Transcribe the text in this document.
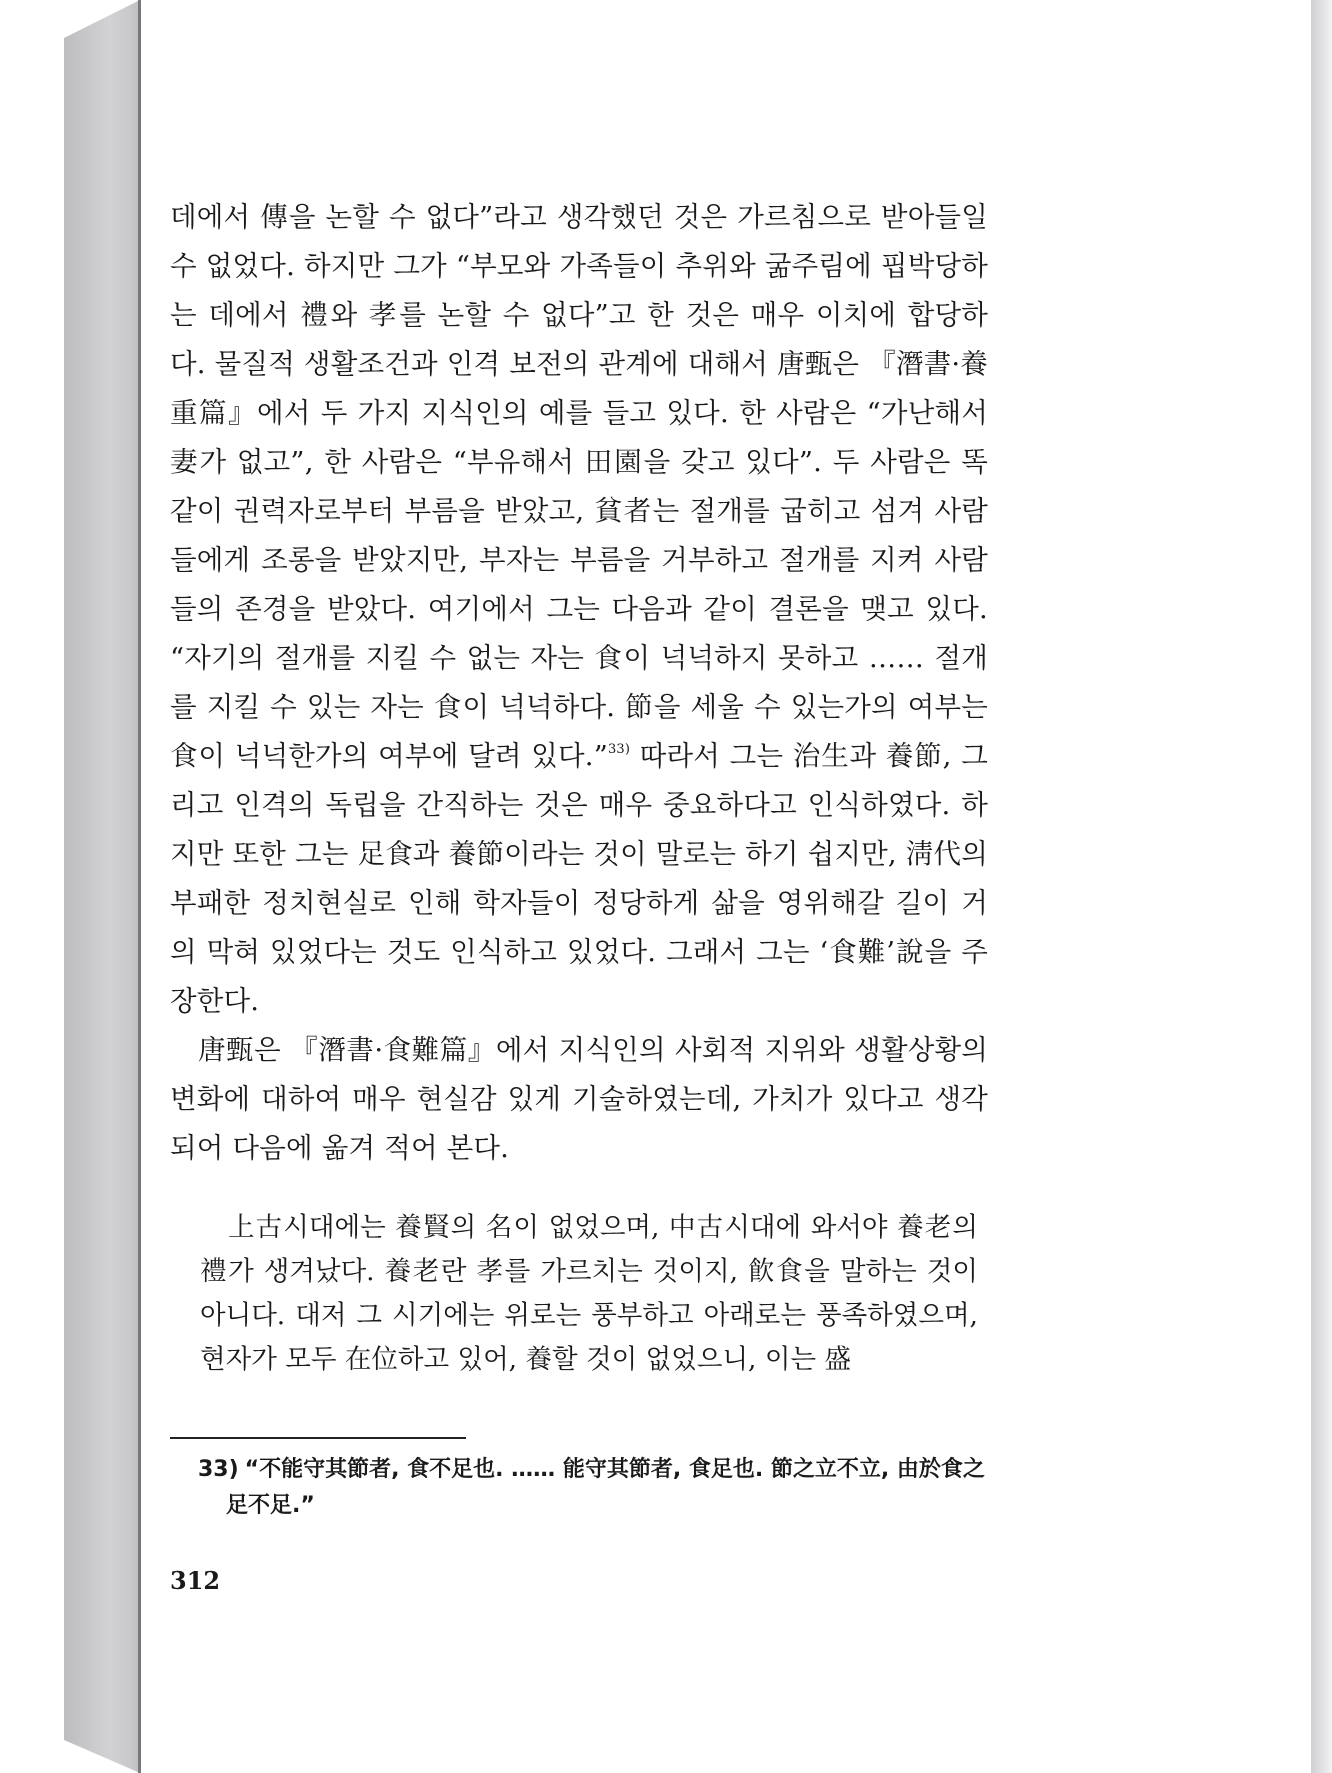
데에서 傳을 논할 수 없다”라고 생각했던 것은 가르침으로 받아들일 수 없었다. 하지만 그가 “부모와 가족들이 추위와 굶주림에 핍박당하는 데에서 禮와 孝를 논할 수 없다”고 한 것은 매우 이치에 합당하다. 물질적 생활조건과 인격 보전의 관계에 대해서 唐甄은 『潛書·養重篇』에서 두 가지 지식인의 예를 들고 있다. 한 사람은 “가난해서 妻가 없고”, 한 사람은 “부유해서 田園을 갖고 있다”. 두 사람은 똑같이 권력자로부터 부름을 받았고, 貧者는 절개를 굽히고 섬겨 사람들에게 조롱을 받았지만, 부자는 부름을 거부하고 절개를 지켜 사람들의 존경을 받았다. 여기에서 그는 다음과 같이 결론을 맺고 있다. “자기의 절개를 지킬 수 없는 자는 食이 넉넉하지 못하고 …… 절개를 지킬 수 있는 자는 食이 넉넉하다. 節을 세울 수 있는가의 여부는 食이 넉넉한가의 여부에 달려 있다.”$^{33)}$ 따라서 그는 治生과 養節, 그리고 인격의 독립을 간직하는 것은 매우 중요하다고 인식하였다. 하지만 또한 그는 足食과 養節이라는 것이 말로는 하기 쉽지만, 淸代의 부패한 정치현실로 인해 학자들이 정당하게 삶을 영위해갈 길이 거의 막혀 있었다는 것도 인식하고 있었다. 그래서 그는 ‘食難’說을 주장한다.

唐甄은 『潛書·食難篇』에서 지식인의 사회적 지위와 생활상황의 변화에 대하여 매우 현실감 있게 기술하였는데, 가치가 있다고 생각되어 다음에 옮겨 적어 본다.

上古시대에는 養賢의 名이 없었으며, 中古시대에 와서야 養老의 禮가 생겨났다. 養老란 孝를 가르치는 것이지, 飮食을 말하는 것이 아니다. 대저 그 시기에는 위로는 풍부하고 아래로는 풍족하였으며, 현자가 모두 在位하고 있어, 養할 것이 없었으니, 이는 盛

33) “不能守其節者, 食不足也. …… 能守其節者, 食足也. 節之立不立, 由於食之
足不足.”
312
